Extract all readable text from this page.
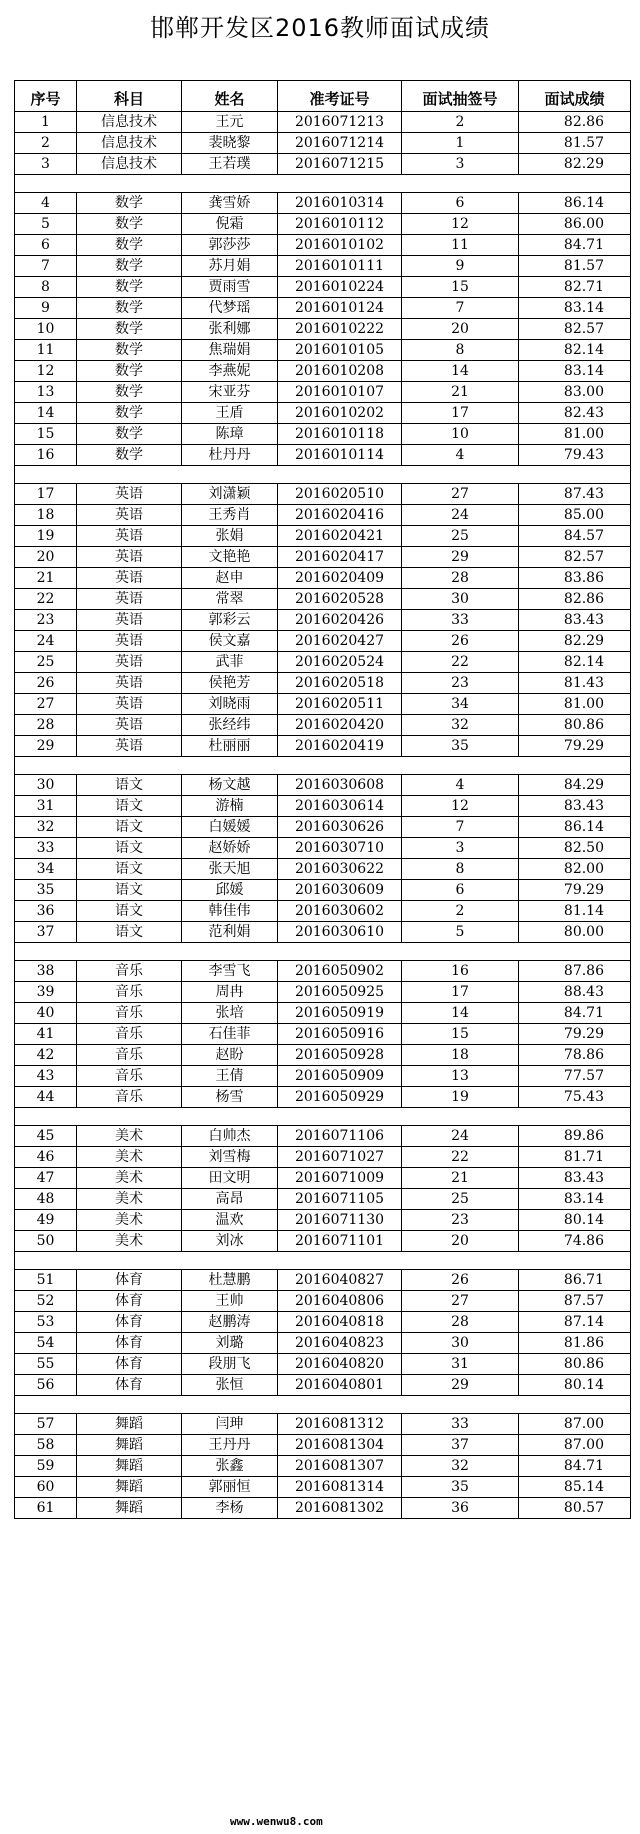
邯郸开发区2016教师面试成绩
序号	科目	姓名	准考证号	面试抽签号	面试成绩
1	信息技术	王元	2016071213	2	82.86
2	信息技术	裴晓黎	2016071214	1	81.57
3	信息技术	王若璞	2016071215	3	82.29

4	数学	龚雪娇	2016010314	6	86.14
5	数学	倪霜	2016010112	12	86.00
6	数学	郭莎莎	2016010102	11	84.71
7	数学	苏月娟	2016010111	9	81.57
8	数学	贾雨雪	2016010224	15	82.71
9	数学	代梦瑶	2016010124	7	83.14
10	数学	张利娜	2016010222	20	82.57
11	数学	焦瑞娟	2016010105	8	82.14
12	数学	李燕妮	2016010208	14	83.14
13	数学	宋亚芬	2016010107	21	83.00
14	数学	王盾	2016010202	17	82.43
15	数学	陈璋	2016010118	10	81.00
16	数学	杜丹丹	2016010114	4	79.43

17	英语	刘潇颖	2016020510	27	87.43
18	英语	王秀肖	2016020416	24	85.00
19	英语	张娟	2016020421	25	84.57
20	英语	文艳艳	2016020417	29	82.57
21	英语	赵申	2016020409	28	83.86
22	英语	常翠	2016020528	30	82.86
23	英语	郭彩云	2016020426	33	83.43
24	英语	侯文嘉	2016020427	26	82.29
25	英语	武菲	2016020524	22	82.14
26	英语	侯艳芳	2016020518	23	81.43
27	英语	刘晓雨	2016020511	34	81.00
28	英语	张经纬	2016020420	32	80.86
29	英语	杜丽丽	2016020419	35	79.29

30	语文	杨文越	2016030608	4	84.29
31	语文	游楠	2016030614	12	83.43
32	语文	白媛媛	2016030626	7	86.14
33	语文	赵娇娇	2016030710	3	82.50
34	语文	张天旭	2016030622	8	82.00
35	语文	邱媛	2016030609	6	79.29
36	语文	韩佳伟	2016030602	2	81.14
37	语文	范利娟	2016030610	5	80.00

38	音乐	李雪飞	2016050902	16	87.86
39	音乐	周冉	2016050925	17	88.43
40	音乐	张培	2016050919	14	84.71
41	音乐	石佳菲	2016050916	15	79.29
42	音乐	赵盼	2016050928	18	78.86
43	音乐	王倩	2016050909	13	77.57
44	音乐	杨雪	2016050929	19	75.43

45	美术	白帅杰	2016071106	24	89.86
46	美术	刘雪梅	2016071027	22	81.71
47	美术	田文明	2016071009	21	83.43
48	美术	高昂	2016071105	25	83.14
49	美术	温欢	2016071130	23	80.14
50	美术	刘冰	2016071101	20	74.86

51	体育	杜慧鹏	2016040827	26	86.71
52	体育	王帅	2016040806	27	87.57
53	体育	赵鹏涛	2016040818	28	87.14
54	体育	刘璐	2016040823	30	81.86
55	体育	段朋飞	2016040820	31	80.86
56	体育	张恒	2016040801	29	80.14

57	舞蹈	闫珅	2016081312	33	87.00
58	舞蹈	王丹丹	2016081304	37	87.00
59	舞蹈	张鑫	2016081307	32	84.71
60	舞蹈	郭丽恒	2016081314	35	85.14
61	舞蹈	李杨	2016081302	36	80.57
www.wenwu8.com
